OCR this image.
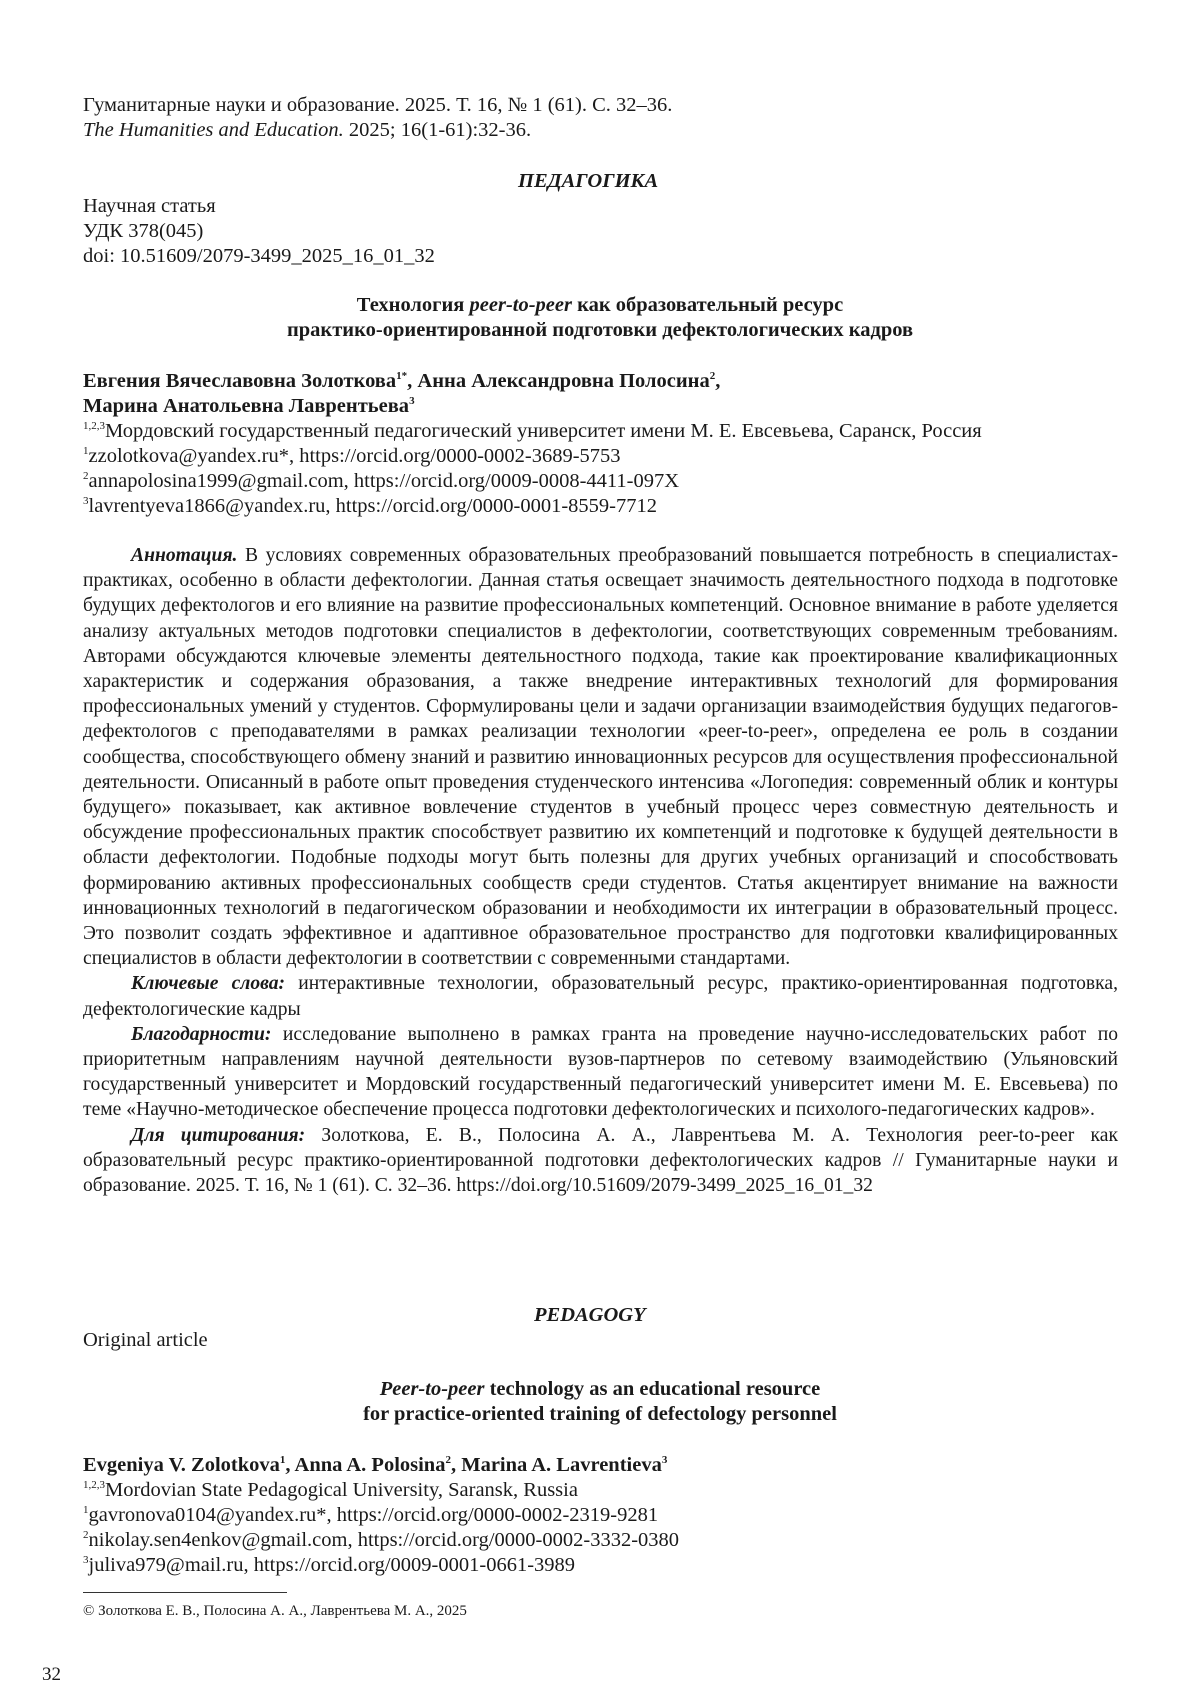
Гуманитарные науки и образование. 2025. Т. 16, № 1 (61). С. 32–36.
The Humanities and Education. 2025; 16(1-61):32-36.
ПЕДАГОГИКА
Научная статья
УДК 378(045)
doi: 10.51609/2079-3499_2025_16_01_32
Технология peer-to-peer как образовательный ресурс
практико-ориентированной подготовки дефектологических кадров
Евгения Вячеславовна Золоткова$^{1*}$, Анна Александровна Полосина$^2$,
Марина Анатольевна Лаврентьева$^3$
$^{1,2,3}$Мордовский государственный педагогический университет имени М. Е. Евсевьева, Саранск, Россия
$^1$zzolotkova@yandex.ru*, https://orcid.org/0000-0002-3689-5753
$^2$annapolosina1999@gmail.com, https://orcid.org/0009-0008-4411-097X
$^3$lavrentyeva1866@yandex.ru, https://orcid.org/0000-0001-8559-7712

Аннотация. В условиях современных образовательных преобразований повышается потребность в специалистах-практиках, особенно в области дефектологии. Данная статья освещает значимость деятельностного подхода в подготовке будущих дефектологов и его влияние на развитие профессиональных компетенций. Основное внимание в работе уделяется анализу актуальных методов подготовки специалистов в дефектологии, соответствующих современным требованиям. Авторами обсуждаются ключевые элементы деятельностного подхода, такие как проектирование квалификационных характеристик и содержания образования, а также внедрение интерактивных технологий для формирования профессиональных умений у студентов. Сформулированы цели и задачи организации взаимодействия будущих педагогов-дефектологов с преподавателями в рамках реализации технологии «peer-to-peer», определена ее роль в создании сообщества, способствующего обмену знаний и развитию инновационных ресурсов для осуществления профессиональной деятельности. Описанный в работе опыт проведения студенческого интенсива «Логопедия: современный облик и контуры будущего» показывает, как активное вовлечение студентов в учебный процесс через совместную деятельность и обсуждение профессиональных практик способствует развитию их компетенций и подготовке к будущей деятельности в области дефектологии. Подобные подходы могут быть полезны для других учебных организаций и способствовать формированию активных профессиональных сообществ среди студентов. Статья акцентирует внимание на важности инновационных технологий в педагогическом образовании и необходимости их интеграции в образовательный процесс. Это позволит создать эффективное и адаптивное образовательное пространство для подготовки квалифицированных специалистов в области дефектологии в соответствии с современными стандартами.

Ключевые слова: интерактивные технологии, образовательный ресурс, практико-ориентированная подготовка, дефектологические кадры

Благодарности: исследование выполнено в рамках гранта на проведение научно-исследовательских работ по приоритетным направлениям научной деятельности вузов-партнеров по сетевому взаимодействию (Ульяновский государственный университет и Мордовский государственный педагогический университет имени М. Е. Евсевьева) по теме «Научно-методическое обеспечение процесса подготовки дефектологических и психолого-педагогических кадров».

Для цитирования: Золоткова, Е. В., Полосина А. А., Лаврентьева М. А. Технология peer-to-peer как образовательный ресурс практико-ориентированной подготовки дефектологических кадров // Гуманитарные науки и образование. 2025. Т. 16, № 1 (61). С. 32–36. https://doi.org/10.51609/2079-3499_2025_16_01_32

PEDAGOGY
Original article
Peer-to-peer technology as an educational resource
for practice-oriented training of defectology personnel
Evgeniya V. Zolotkova$^1$, Anna A. Polosina$^2$, Marina A. Lavrentieva$^3$
$^{1,2,3}$Mordovian State Pedagogical University, Saransk, Russia
$^1$gavronova0104@yandex.ru*, https://orcid.org/0000-0002-2319-9281
$^2$nikolay.sen4enkov@gmail.com, https://orcid.org/0000-0002-3332-0380
$^3$juliva979@mail.ru, https://orcid.org/0009-0001-0661-3989
© Золоткова Е. В., Полосина А. А., Лаврентьева М. А., 2025
32
